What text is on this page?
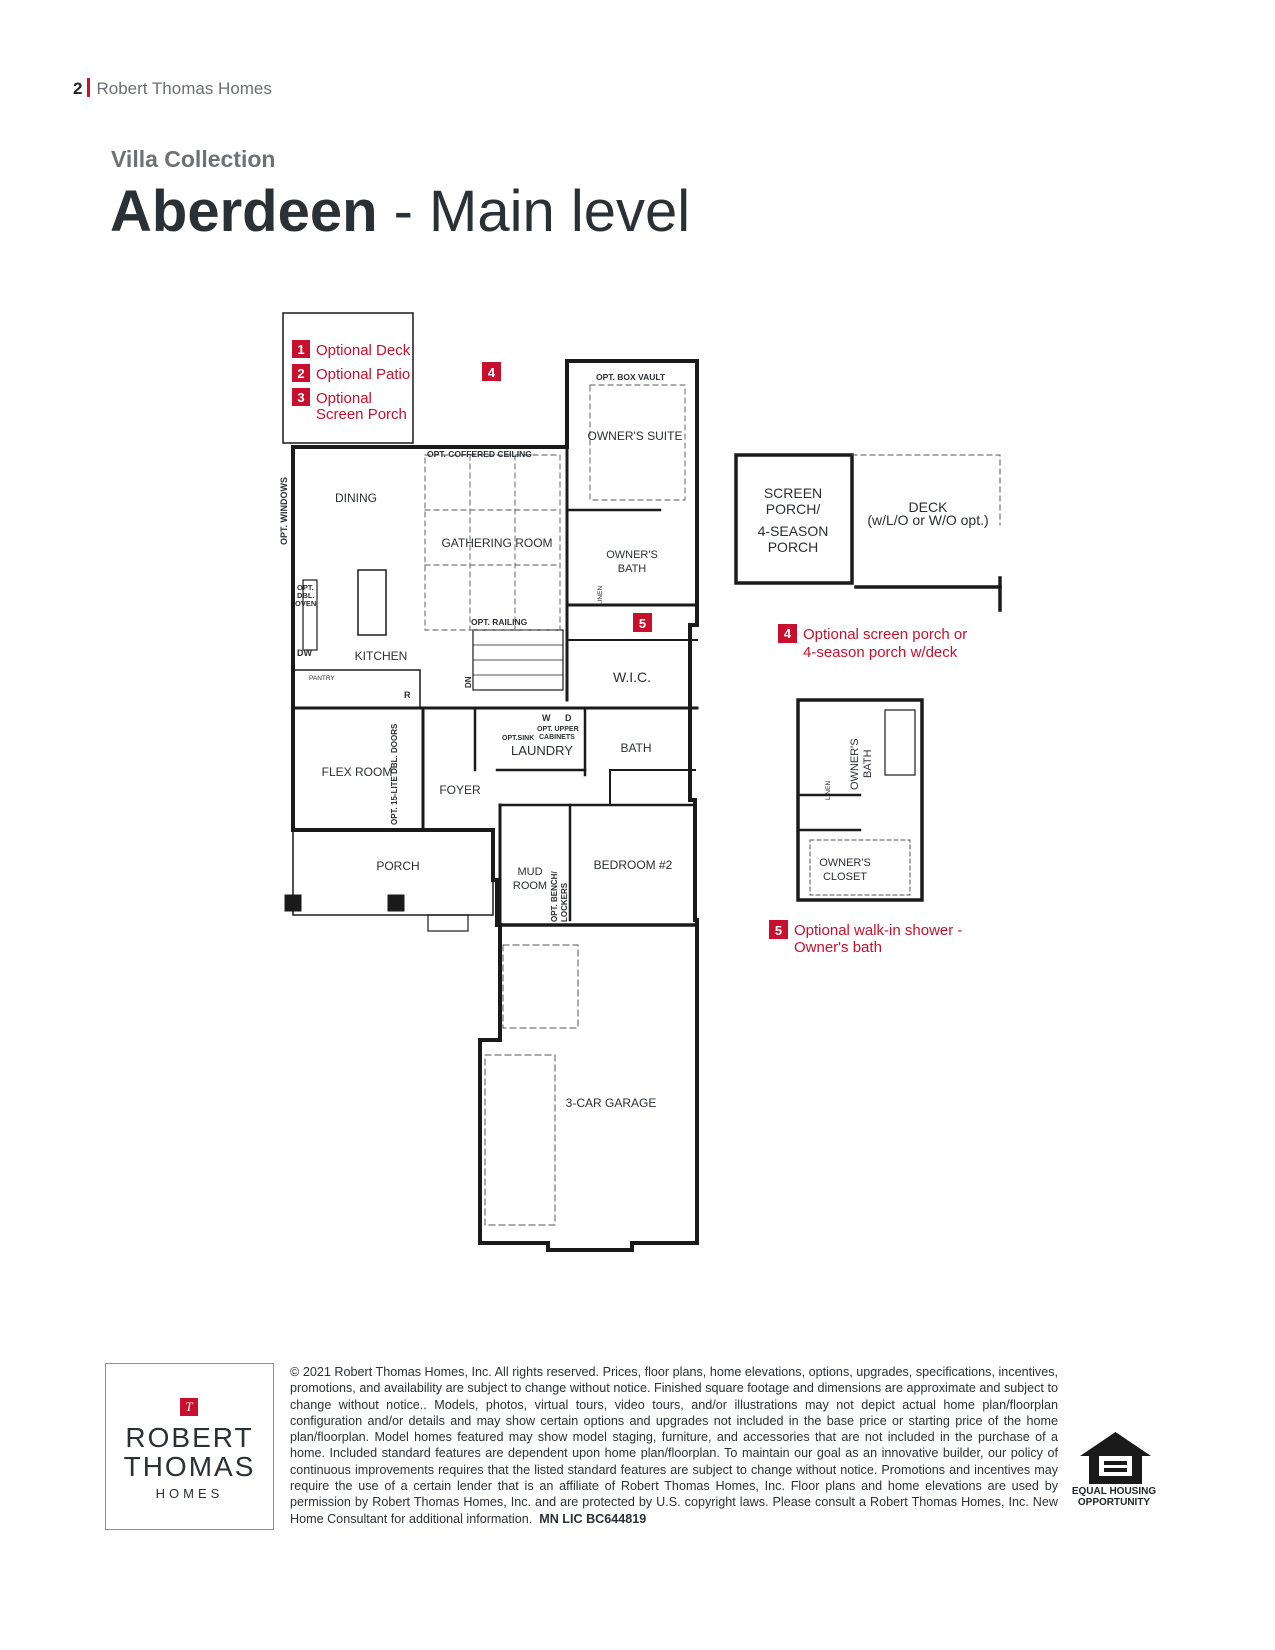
2 Robert Thomas Homes
Villa Collection
Aberdeen - Main level
1 Optional Deck
2 Optional Patio
3 Optional
Screen Porch
4
5
OPT. BOX VAULT
OWNER'S SUITE
OPT. COFFERED CEILING
DINING
GATHERING ROOM
OWNER'S
BATH
OPT. WINDOWS
OPT.
DBL.
OVEN
OPT. RAILING
DW	KITCHEN
PANTRY
R
DN	W.I.C.
LINEN
W D
OPT.SINK
OPT. UPPER
CABINETS
LAUNDRY	BATH
FLEX ROOM
OPT. 15-LITE DBL. DOORS	FOYER
PORCH	MUD
ROOM OPT. BENCH/ LOCKERS
BEDROOM #2
3-CAR GARAGE
SCREEN
PORCH/
4-SEASON
PORCH
DECK
(w/L/O or W/O opt.)
4 Optional screen porch or
4-season porch w/deck
OWNER'S BATH
LINEN
OWNER'S
CLOSET
5 Optional walk-in shower -
Owner's bath
T
ROBERT
THOMAS
HOMES
© 2021 Robert Thomas Homes, Inc. All rights reserved. Prices, floor plans, home elevations, options, upgrades, specifications, incentives, promotions, and availability are subject to change without notice. Finished square footage and dimensions are approximate and subject to change without notice.. Models, photos, virtual tours, video tours, and/or illustrations may not depict actual home plan/floorplan configuration and/or details and may show certain options and upgrades not included in the base price or starting price of the home plan/floorplan. Model homes featured may show model staging, furniture, and accessories that are not included in the purchase of a home. Included standard features are dependent upon home plan/floorplan. To maintain our goal as an innovative builder, our policy of continuous improvements requires that the listed standard features are subject to change without notice. Promotions and incentives may require the use of a certain lender that is an affiliate of Robert Thomas Homes, Inc. Floor plans and home elevations are used by permission by Robert Thomas Homes, Inc. and are protected by U.S. copyright laws. Please consult a Robert Thomas Homes, Inc. New Home Consultant for additional information. MN LIC BC644819
EQUAL HOUSING
OPPORTUNITY
